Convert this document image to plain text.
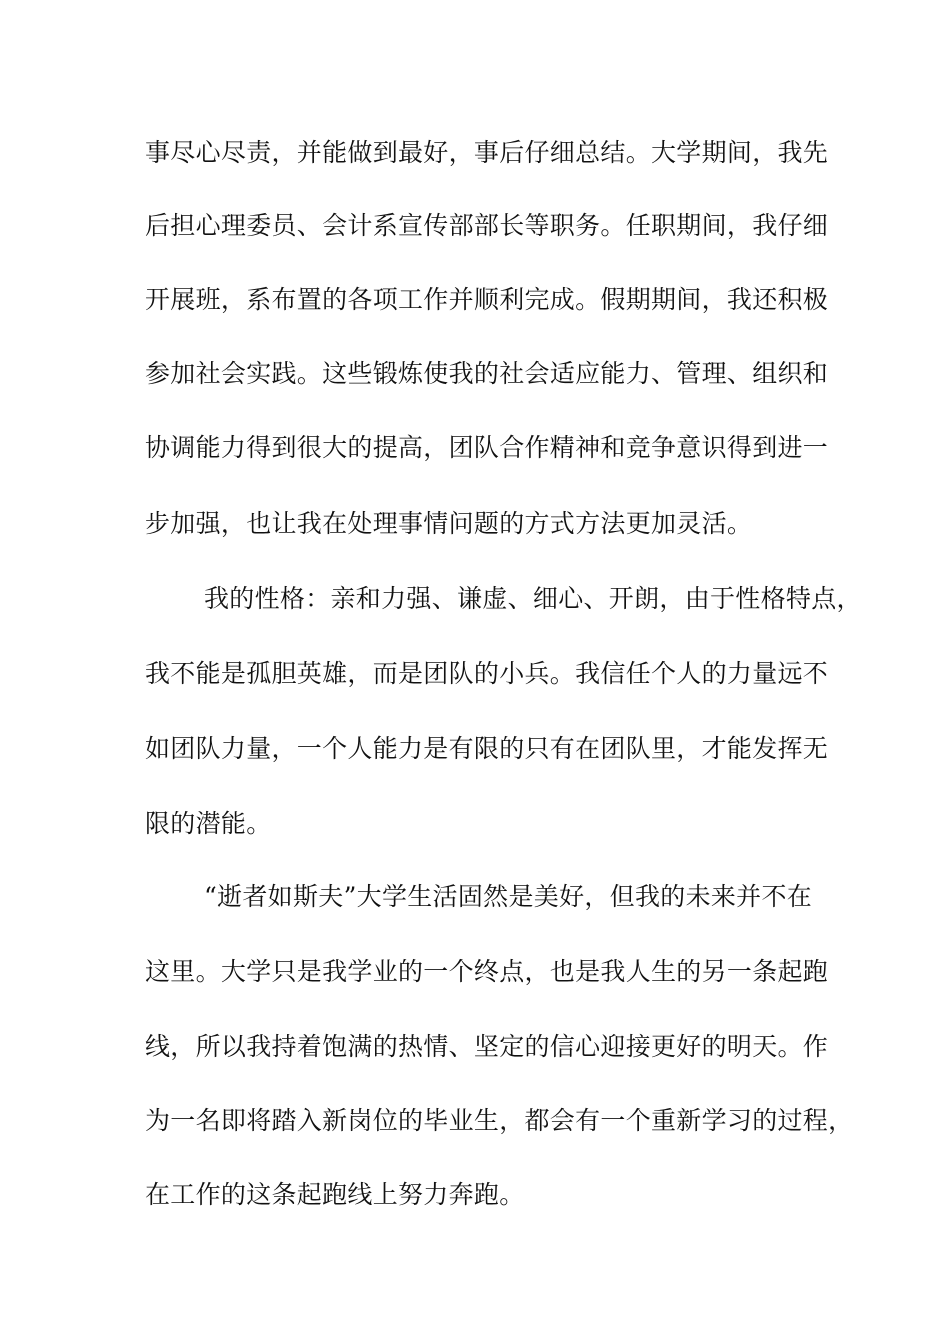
事尽心尽责，并能做到最好，事后仔细总结。大学期间，我先
后担心理委员、会计系宣传部部长等职务。任职期间，我仔细
开展班，系布置的各项工作并顺利完成。假期期间，我还积极
参加社会实践。这些锻炼使我的社会适应能力、管理、组织和
协调能力得到很大的提高，团队合作精神和竞争意识得到进一
步加强，也让我在处理事情问题的方式方法更加灵活。
我的性格：亲和力强、谦虚、细心、开朗，由于性格特点，
我不能是孤胆英雄，而是团队的小兵。我信任个人的力量远不
如团队力量，一个人能力是有限的只有在团队里，才能发挥无
限的潜能。
“逝者如斯夫”大学生活固然是美好，但我的未来并不在
这里。大学只是我学业的一个终点，也是我人生的另一条起跑
线，所以我持着饱满的热情、坚定的信心迎接更好的明天。作
为一名即将踏入新岗位的毕业生，都会有一个重新学习的过程，
在工作的这条起跑线上努力奔跑。
